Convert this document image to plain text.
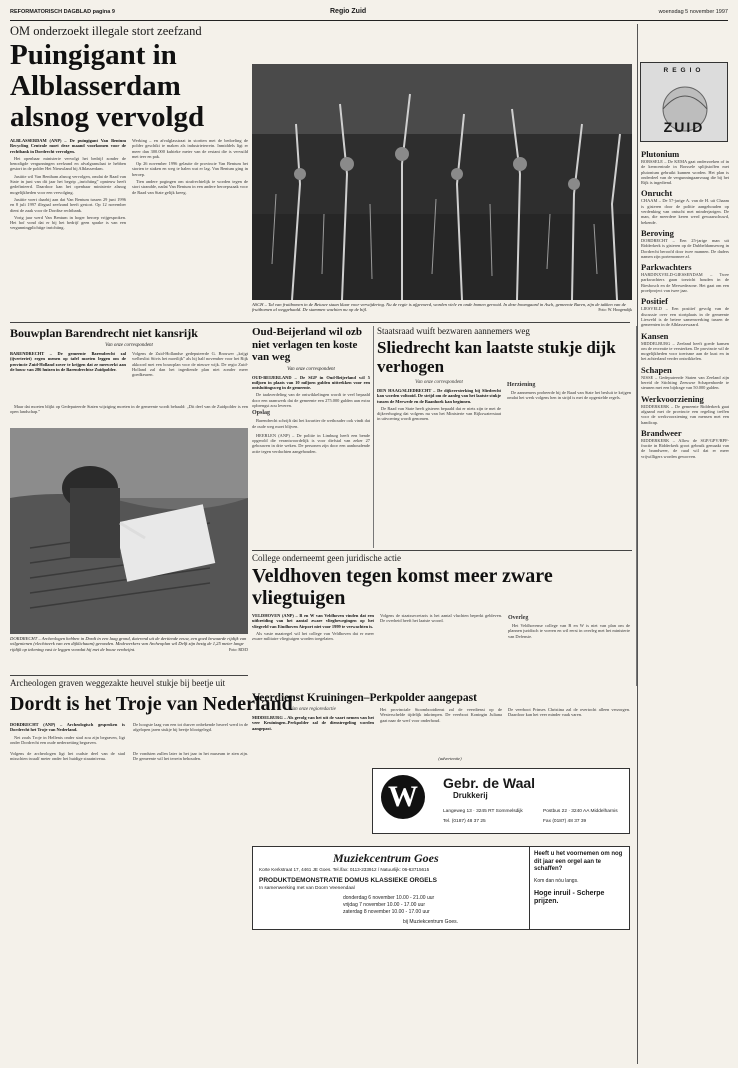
REFORMATORISCH DAGBLAD pagina 9	Regio Zuid	woensdag 5 november 1997
OM onderzoekt illegale stort zeefzand
Puingigant in Alblasserdam alsnog vervolgd

ALBLASSERDAM (ANP) – De puingigant Van Bentum Recycling Centrale moet deze maand voorkomen voor de rechtbank in Dordrecht vervolgen.

Het openbaar ministerie vervolgt het bedrijf zonder de benodigde vergunningen zeefzand en afvalgranulaat te hebben gestort in de polder Het Nieuwland bij Alblasserdam.

Justitie wil Van Bentham alsnog vervolgen, omdat de Raad van State in juni van dit jaar het begrip „inrichting” opnieuw heeft gedefinieerd. Daardoor kan het openbaar ministerie alsnog mogelijkheden voor een vervolging.

Justitie voert daarbij aan dat Van Bentum tussen 29 juni 1996 en 8 juli 1997 illegaal zeefzand heeft gestort. Op 12 november dient de zaak voor de Dordtse rechtbank.

Vorig jaar werd Van Bentum in hoger beroep vrijgesproken. Het hof vond dat er bij het bedrijf geen sprake is van een vergunningplichtige inrichting.

Werking – en afvalglasstraat in stortten met de bedoeling de polder geschikt te maken als industrieterrein. Inmiddels ligt er meer dan 300.000 kubieke meter van de restant die is vervuild met teer en pak.

Op 26 november 1996 gelastte de provincie Van Bentum het storten te staken en weg te halen wat er lag. Van Bentum ging in beroep.

Tien andere pogingen om strafrechtelijk te worden tegen de stort strandde, nadat Van Bentum in een andere beroepszaak voor de Raad van State gelijk kreeg.

ASCH – Tal van fruitbomen in de Betuwe staan klaar voor verwijdering. Nu de regie is afgevoerd, worden viele en onde bomen gerooid. In deze boomgaard in Asch, gemeente Buren, zijn de takken van de fruitbomen al weggehaald. De stammen wachten nu op de bijl.	Foto: W. Hoogendijk
Bouwplan Barendrecht niet kansrijk
Van onze correspondent

BARENDRECHT – De gemeente Barendrecht zal (ijverteriet) ergen menen op tafel moeten leggen om de provincie Zuid-Holland zover te krijgen dat ze meewerkt aan de bouw van 286 huizen in de Barendrechtse Zuidpolder.

Volgens de Zuid-Hollandse gedeputeerde G. Brouwer „krijgt welbeslist Stivis het moeilijk” als hij half november voor het Rijk akkoord met een bouwplan voor de nieuwe wijk. De regio Zuid-Holland zal dan het ingediende plan niet zonder meer goedkeuren.

Maar dat moeten blijkt op Gedeputeerde Staten wijziging moeten in de gemeente wordt behaald: „Dit deel van de Zuidpolder is een open landschap.”

Oud-Beijerland wil ozb niet verlagen ten koste van weg
Van onze correspondent

OUD-BEIJERLAND – De SGP in Oud-Beijerland wil 5 miljoen in plaats van 10 miljoen gulden uittrekken voor een ontsluitingsweg in de gemeente.

De taakverdeling van de ontwikkelingen wordt te veel bepaald door een raamwerk dat de gemeente een 275.000 gulden aan extra opbrengst zou leveren.

Opslag

Barendrecht schrijft dat het kwartier de wethouder ook vindt dat de oude weg moet blijven.

HEERLEN (ANP) – De politie in Limburg heeft een bende opgerold die verantwoordelijk is voor diefstal van zeker 27 gebouwen in drie weken. De personen zijn door een aanhoudende actie tegen verdachten aangehouden.

Staatsraad wuift bezwaren aannemers weg
Sliedrecht kan laatste stukje dijk verhogen
Van onze correspondent

DEN HAAG/SLIEDRECHT – De dijkversterking bij Sliedrecht kan worden voltooid. De strijd om de aanleg van het laatste stukje tussen de Merwede en de Baanhoek kan beginnen.

De Raad van State heeft gisteren bepaald dat er niets zijn te met de dijkverhoging dat volgens nu van het Ministerie van Rijkswaterstaat in uitvoering wordt genomen.

Herziening

De aannemers probeerde bij de Raad van State het besluit te krijgen omdat het werk volgens hen in strijd is met de opgestelde regels.

DORDRECHT – Archeologen hebben in Dordt in een laag grond, daterend uit de dertiende eeuw, een goed bewaarde rijdijk van wilgentenen (vlechtwerk van een dijklichaam) gevonden. Medewerkers van Archeoplan wil Delft zijn bezig de 1,25 meter lange rijdijk op tekening vast te leggen voordat hij met de bouw verdwijnt.	Foto: RD/D
College onderneemt geen juridische actie
Veldhoven tegen komst meer zware vliegtuigen

VELDHOVEN (ANP) – B en W van Veldhoven vinden dat een uitbreiding van het aantal zware vliegbewegingen op het vliegveld van Eindhoven Airport niet voor 1999 te verwachten is.

Als vaste maatregel wil het college van Veldhoven dat er meer zware militaire vliegtuigen worden toegelaten.

Volgens de staatssecretaris is het aantal vluchten beperkt gebleven. De overheid heeft het laatste woord.	Overleg

Het Veldhovense college van B en W is niet van plan om de plannen juridisch te voeren en wil eerst in overleg met het ministerie van Defensie.

Veerdienst Kruiningen–Perkpolder aangepast
Van onze regioredactie

MIDDELBURG – Als gevolg van het uit de vaart nemen van het veer Kruiningen–Perkpolder zal de dienstregeling worden aangepast.

Het provinciale Stoombootdienst zal de veerdienst op de Westerschelde tijdelijk inkrimpen. De veerboot Koningin Juliana gaat naar de werf voor onderhoud.

De veerboot Prinses Christina zal de overtocht alleen verzorgen. Daardoor kan het veer minder vaak varen.

Archeologen graven weggezakte heuvel stukje bij beetje uit
Dordt is het Troje van Nederland

DORDRECHT (ANP) – Archeologisch gesproken is Dordrecht het Troje van Nederland.

Net zoals Troje in Hellenis onder stad zou zijn begraven, ligt onder Dordrecht een oude nederzetting begraven.

De hoogste laag van een tot dusver onbekende heuvel werd in de afgelopen jaren stukje bij beetje blootgelegd.

Volgens de archeologen ligt het oudste deel van de stad misschien twaalf meter onder het huidige straatniveau.

De vondsten zullen later in het jaar in het museum te zien zijn. De gemeente wil het terrein behouden.	(advertentie)
W	Gebr. de Waal
Drukkerij
Langeweg 13 · 3245 RT Sommelsdijk
Tel. (0187) 48 37 25
Postbus 22 · 3240 AA Middelharnis
Fax (0187) 48 37 39
Muziekcentrum Goes
Korte Kerkstraat 17, 4461 JE Goes. Tel./fax: 0113-233912 / Natuurlijk: 06-63715615
PRODUKTDEMONSTRATIE DOMUS KLASSIEKE ORGELS
In samenwerking met van Doorn Veenendaal
donderdag 6 november 10.00 - 21.00 uur
vrijdag 7 november 10.00 - 17.00 uur
zaterdag 8 november 10.00 - 17.00 uur
bij Muziekcentrum Goes.
Heeft u het voornemen om nog dit jaar een orgel aan te schaffen?
Kom dan nóu langs.
Hoge inruil - Scherpe prijzen.
REGIO
ZUID
Plutonium
BORSSELE – De KEMA gaat onderzoeken of in de kerncentrale in Borssele splijtstoffen met plutonium gebruikt kunnen worden. Het plan is onderdeel van de vergunningaanvraag die bij het Rijk is ingediend.
Onrucht
CHAAM – De 57-jarige A. van de H. uit Chaam is gisteren door de politie aangehouden op verdenking van ontucht met minderjarigen. De man, die meerdere keren werd gewaarschuwd, bekende.
Beroving
DORDRECHT – Een 25-jarige man uit Ridderkerk is gisteren op de Dubbeldamseweg in Dordrecht beroofd door twee mannen. De daders namen zijn portemonnee af.
Parkwachters
HARDINXVELD-GIESSENDAM – Twee parkwachters gaan toezicht houden in de Biesbosch en de Merwedezone. Het gaat om een proefproject van twee jaar.
Positief
LIESVELD – Een positief gevolg van de discussie over een stortplaats in de gemeente Liesveld is de betere samenwerking tussen de gemeenten in de Alblasserwaard.
Kansen
MIDDELBURG – Zeeland heeft goede kansen om de recreatie te versterken. De provincie wil de mogelijkheden voor toerisme aan de kust en in het achterland verder ontwikkelen.
Schapen
NISSE – Gedeputeerde Staten van Zeeland zijn bereid de Stichting Zeeuwse Schapenhoede te steunen met een bijdrage van 50.000 gulden.
Werkvoorziening
RIDDERKERK – De gemeente Ridderkerk gaat afgaand met de provincie een regeling treffen voor de werkvoorziening van mensen met een handicap.
Brandweer
RIDDERKERK – Allow de SGP/GPV/RPF-fractie in Ridderkerk groot gebruik gemaakt van de brandweer, de raad wil dat er meer vrijwilligers worden geworven.
